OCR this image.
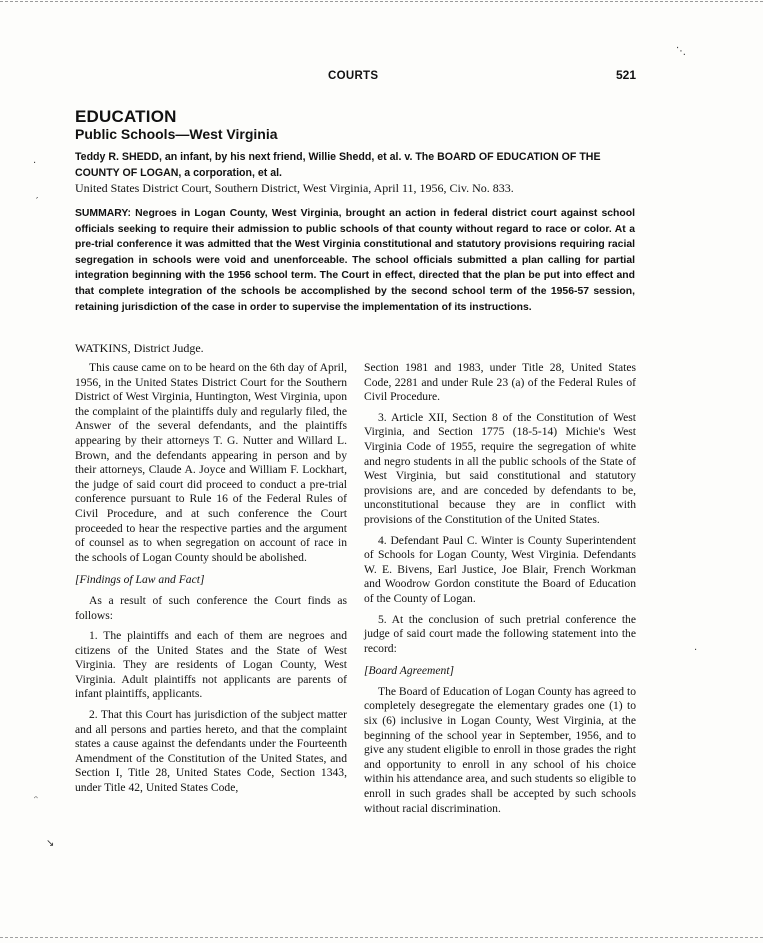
COURTS	521
EDUCATION
Public Schools—West Virginia
Teddy R. SHEDD, an infant, by his next friend, Willie Shedd, et al. v. The BOARD OF EDUCATION OF THE COUNTY OF LOGAN, a corporation, et al.
United States District Court, Southern District, West Virginia, April 11, 1956, Civ. No. 833.
SUMMARY: Negroes in Logan County, West Virginia, brought an action in federal district court against school officials seeking to require their admission to public schools of that county without regard to race or color. At a pre-trial conference it was admitted that the West Virginia constitutional and statutory provisions requiring racial segregation in schools were void and unenforceable. The school officials submitted a plan calling for partial integration beginning with the 1956 school term. The Court in effect, directed that the plan be put into effect and that complete integration of the schools be accomplished by the second school term of the 1956-57 session, retaining jurisdiction of the case in order to supervise the implementation of its instructions.
WATKINS, District Judge.

This cause came on to be heard on the 6th day of April, 1956, in the United States District Court for the Southern District of West Virginia, Huntington, West Virginia, upon the complaint of the plaintiffs duly and regularly filed, the Answer of the several defendants, and the plaintiffs appearing by their attorneys T. G. Nutter and Willard L. Brown, and the defendants appearing in person and by their attorneys, Claude A. Joyce and William F. Lockhart, the judge of said court did proceed to conduct a pre-trial conference pursuant to Rule 16 of the Federal Rules of Civil Procedure, and at such conference the Court proceeded to hear the respective parties and the argument of counsel as to when segregation on account of race in the schools of Logan County should be abolished.

[Findings of Law and Fact]

As a result of such conference the Court finds as follows:

1. The plaintiffs and each of them are negroes and citizens of the United States and the State of West Virginia. They are residents of Logan County, West Virginia. Adult plaintiffs not applicants are parents of infant plaintiffs, applicants.

2. That this Court has jurisdiction of the subject matter and all persons and parties hereto, and that the complaint states a cause against the defendants under the Fourteenth Amendment of the Constitution of the United States, and Section I, Title 28, United States Code, Section 1343, under Title 42, United States Code,

Section 1981 and 1983, under Title 28, United States Code, 2281 and under Rule 23 (a) of the Federal Rules of Civil Procedure.

3. Article XII, Section 8 of the Constitution of West Virginia, and Section 1775 (18-5-14) Michie's West Virginia Code of 1955, require the segregation of white and negro students in all the public schools of the State of West Virginia, but said constitutional and statutory provisions are, and are conceded by defendants to be, unconstitutional because they are in conflict with provisions of the Constitution of the United States.

4. Defendant Paul C. Winter is County Superintendent of Schools for Logan County, West Virginia. Defendants W. E. Bivens, Earl Justice, Joe Blair, French Workman and Woodrow Gordon constitute the Board of Education of the County of Logan.

5. At the conclusion of such pretrial conference the judge of said court made the following statement into the record:

[Board Agreement]

The Board of Education of Logan County has agreed to completely desegregate the elementary grades one (1) to six (6) inclusive in Logan County, West Virginia, at the beginning of the school year in September, 1956, and to give any student eligible to enroll in those grades the right and opportunity to enroll in any school of his choice within his attendance area, and such students so eligible to enroll in such grades shall be accepted by such schools without racial discrimination.

·
′
ᵔ
↘
⋱
·
